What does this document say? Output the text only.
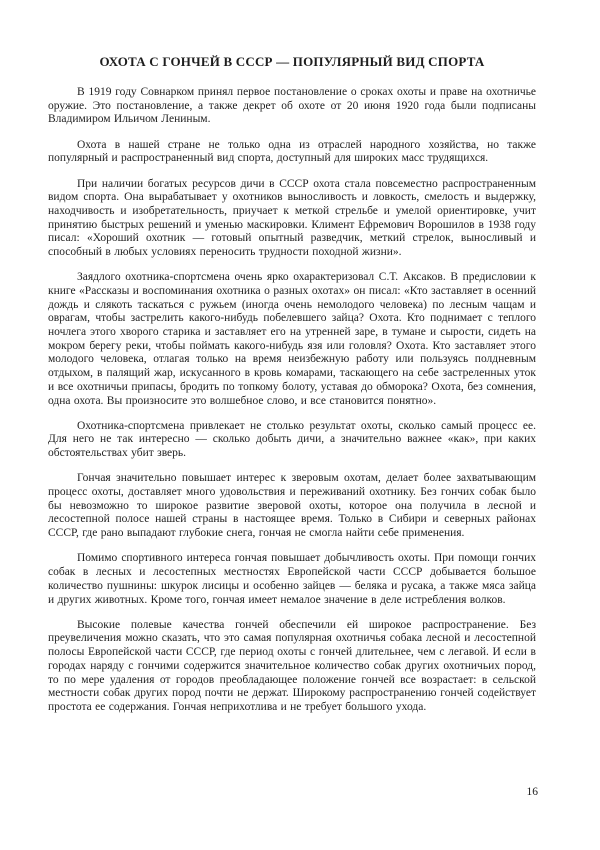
ОХОТА С ГОНЧЕЙ В СССР — ПОПУЛЯРНЫЙ ВИД СПОРТА

В 1919 году Совнарком принял первое постановление о сроках охоты и праве на охотничье оружие. Это постановление, а также декрет об охоте от 20 июня 1920 года были подписаны Владимиром Ильичом Лениным.

Охота в нашей стране не только одна из отраслей народного хозяйства, но также популярный и распространенный вид спорта, доступный для широких масс трудящихся.

При наличии богатых ресурсов дичи в СССР охота стала повсеместно распространенным видом спорта. Она вырабатывает у охотников выносливость и ловкость, смелость и выдержку, находчивость и изобретательность, приучает к меткой стрельбе и умелой ориентировке, учит принятию быстрых решений и уменью маскировки. Климент Ефремович Ворошилов в 1938 году писал: «Хороший охотник — готовый опытный разведчик, меткий стрелок, выносливый и способный в любых условиях переносить трудности походной жизни».

Заядлого охотника-спортсмена очень ярко охарактеризовал С.Т. Аксаков. В предисловии к книге «Рассказы и воспоминания охотника о разных охотах» он писал: «Кто заставляет в осенний дождь и слякоть таскаться с ружьем (иногда очень немолодого человека) по лесным чащам и оврагам, чтобы застрелить какого-нибудь побелевшего зайца? Охота. Кто поднимает с теплого ночлега этого хворого старика и заставляет его на утренней заре, в тумане и сырости, сидеть на мокром берегу реки, чтобы поймать какого-нибудь язя или головля? Охота. Кто заставляет этого молодого человека, отлагая только на время неизбежную работу или пользуясь полдневным отдыхом, в палящий жар, искусанного в кровь комарами, таскающего на себе застреленных уток и все охотничьи припасы, бродить по топкому болоту, уставая до обморока? Охота, без сомнения, одна охота. Вы произносите это волшебное слово, и все становится понятно».

Охотника-спортсмена привлекает не столько результат охоты, сколько самый процесс ее. Для него не так интересно — сколько добыть дичи, а значительно важнее «как», при каких обстоятельствах убит зверь.

Гончая значительно повышает интерес к зверовым охотам, делает более захватывающим процесс охоты, доставляет много удовольствия и переживаний охотнику. Без гончих собак было бы невозможно то широкое развитие зверовой охоты, которое она получила в лесной и лесостепной полосе нашей страны в настоящее время. Только в Сибири и северных районах СССР, где рано выпадают глубокие снега, гончая не смогла найти себе применения.

Помимо спортивного интереса гончая повышает добычливость охоты. При помощи гончих собак в лесных и лесостепных местностях Европейской части СССР добывается большое количество пушнины: шкурок лисицы и особенно зайцев — беляка и русака, а также мяса зайца и других животных. Кроме того, гончая имеет немалое значение в деле истребления волков.

Высокие полевые качества гончей обеспечили ей широкое распространение. Без преувеличения можно сказать, что это самая популярная охотничья собака лесной и лесостепной полосы Европейской части СССР, где период охоты с гончей длительнее, чем с легавой. И если в городах наряду с гончими содержится значительное количество собак других охотничьих пород, то по мере удаления от городов преобладающее положение гончей все возрастает: в сельской местности собак других пород почти не держат. Широкому распространению гончей содействует простота ее содержания. Гончая неприхотлива и не требует большого ухода.

16
